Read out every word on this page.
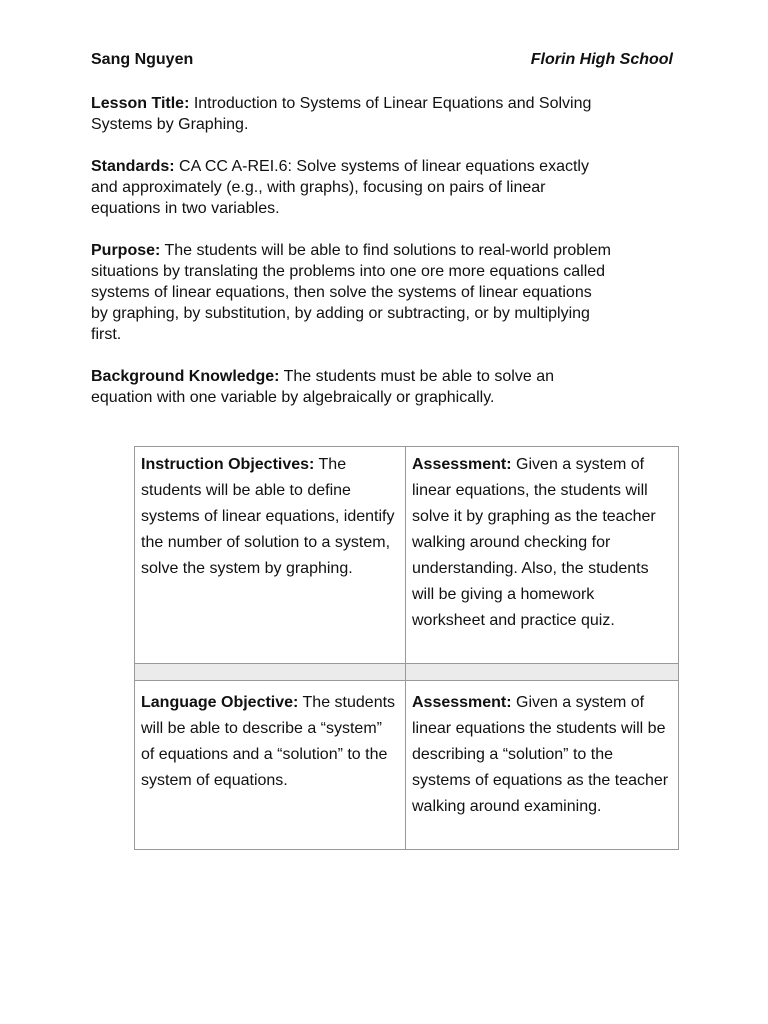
Sang Nguyen	Florin High School

Lesson Title: Introduction to Systems of Linear Equations and Solving Systems by Graphing.

Standards: CA CC A-REI.6: Solve systems of linear equations exactly and approximately (e.g., with graphs), focusing on pairs of linear equations in two variables.

Purpose: The students will be able to find solutions to real-world problem situations by translating the problems into one ore more equations called systems of linear equations, then solve the systems of linear equations by graphing, by substitution, by adding or subtracting, or by multiplying first.

Background Knowledge: The students must be able to solve an equation with one variable by algebraically or graphically.

Instruction Objectives: The students will be able to define systems of linear equations, identify the number of solution to a system, solve the system by graphing.	Assessment: Given a system of linear equations, the students will solve it by graphing as the teacher walking around checking for understanding. Also, the students will be giving a homework worksheet and practice quiz.

Language Objective: The students will be able to describe a “system” of equations and a “solution” to the system of equations.	Assessment: Given a system of linear equations the students will be describing a “solution” to the systems of equations as the teacher walking around examining.
